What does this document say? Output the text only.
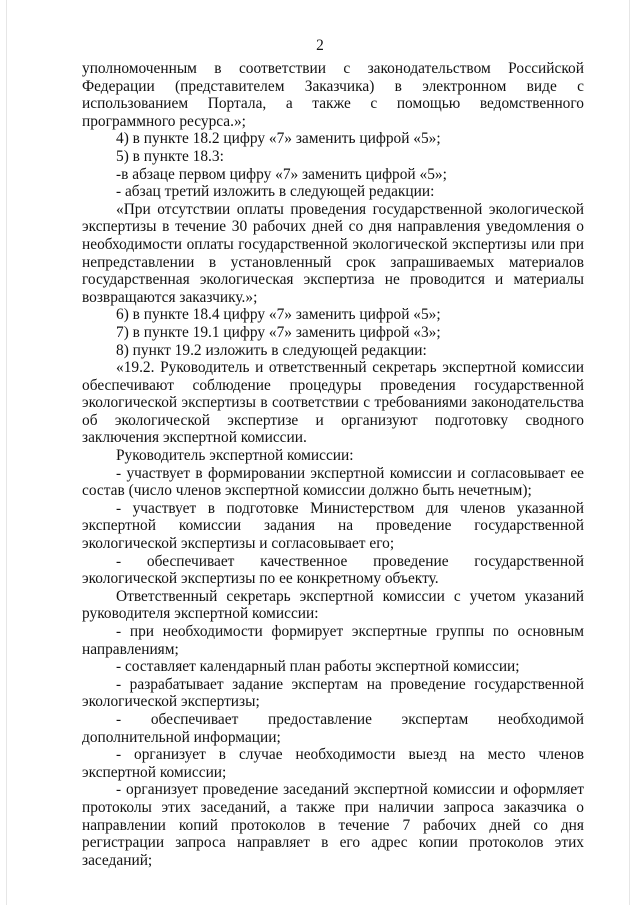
2

уполномоченным в соответствии с законодательством Российской Федерации (представителем Заказчика) в электронном виде с использованием Портала, а также с помощью ведомственного программного ресурса.»;

4) в пункте 18.2 цифру «7» заменить цифрой «5»;

5) в пункте 18.3:

-в абзаце первом цифру «7» заменить цифрой «5»;

- абзац третий изложить в следующей редакции:

«При отсутствии оплаты проведения государственной экологической экспертизы в течение 30 рабочих дней со дня направления уведомления о необходимости оплаты государственной экологической экспертизы или при непредставлении в установленный срок запрашиваемых материалов государственная экологическая экспертиза не проводится и материалы возвращаются заказчику.»;

6) в пункте 18.4 цифру «7» заменить цифрой «5»;

7) в пункте 19.1 цифру «7» заменить цифрой «3»;

8) пункт 19.2 изложить в следующей редакции:

«19.2. Руководитель и ответственный секретарь экспертной комиссии обеспечивают соблюдение процедуры проведения государственной экологической экспертизы в соответствии с требованиями законодательства об экологической экспертизе и организуют подготовку сводного заключения экспертной комиссии.

Руководитель экспертной комиссии:

- участвует в формировании экспертной комиссии и согласовывает ее состав (число членов экспертной комиссии должно быть нечетным);

- участвует в подготовке Министерством для членов указанной экспертной комиссии задания на проведение государственной экологической экспертизы и согласовывает его;

- обеспечивает качественное проведение государственной экологической экспертизы по ее конкретному объекту.

Ответственный секретарь экспертной комиссии с учетом указаний руководителя экспертной комиссии:

- при необходимости формирует экспертные группы по основным направлениям;

- составляет календарный план работы экспертной комиссии;

- разрабатывает задание экспертам на проведение государственной экологической экспертизы;

- обеспечивает предоставление экспертам необходимой дополнительной информации;

- организует в случае необходимости выезд на место членов экспертной комиссии;

- организует проведение заседаний экспертной комиссии и оформляет протоколы этих заседаний, а также при наличии запроса заказчика о направлении копий протоколов в течение 7 рабочих дней со дня регистрации запроса направляет в его адрес копии протоколов этих заседаний;
